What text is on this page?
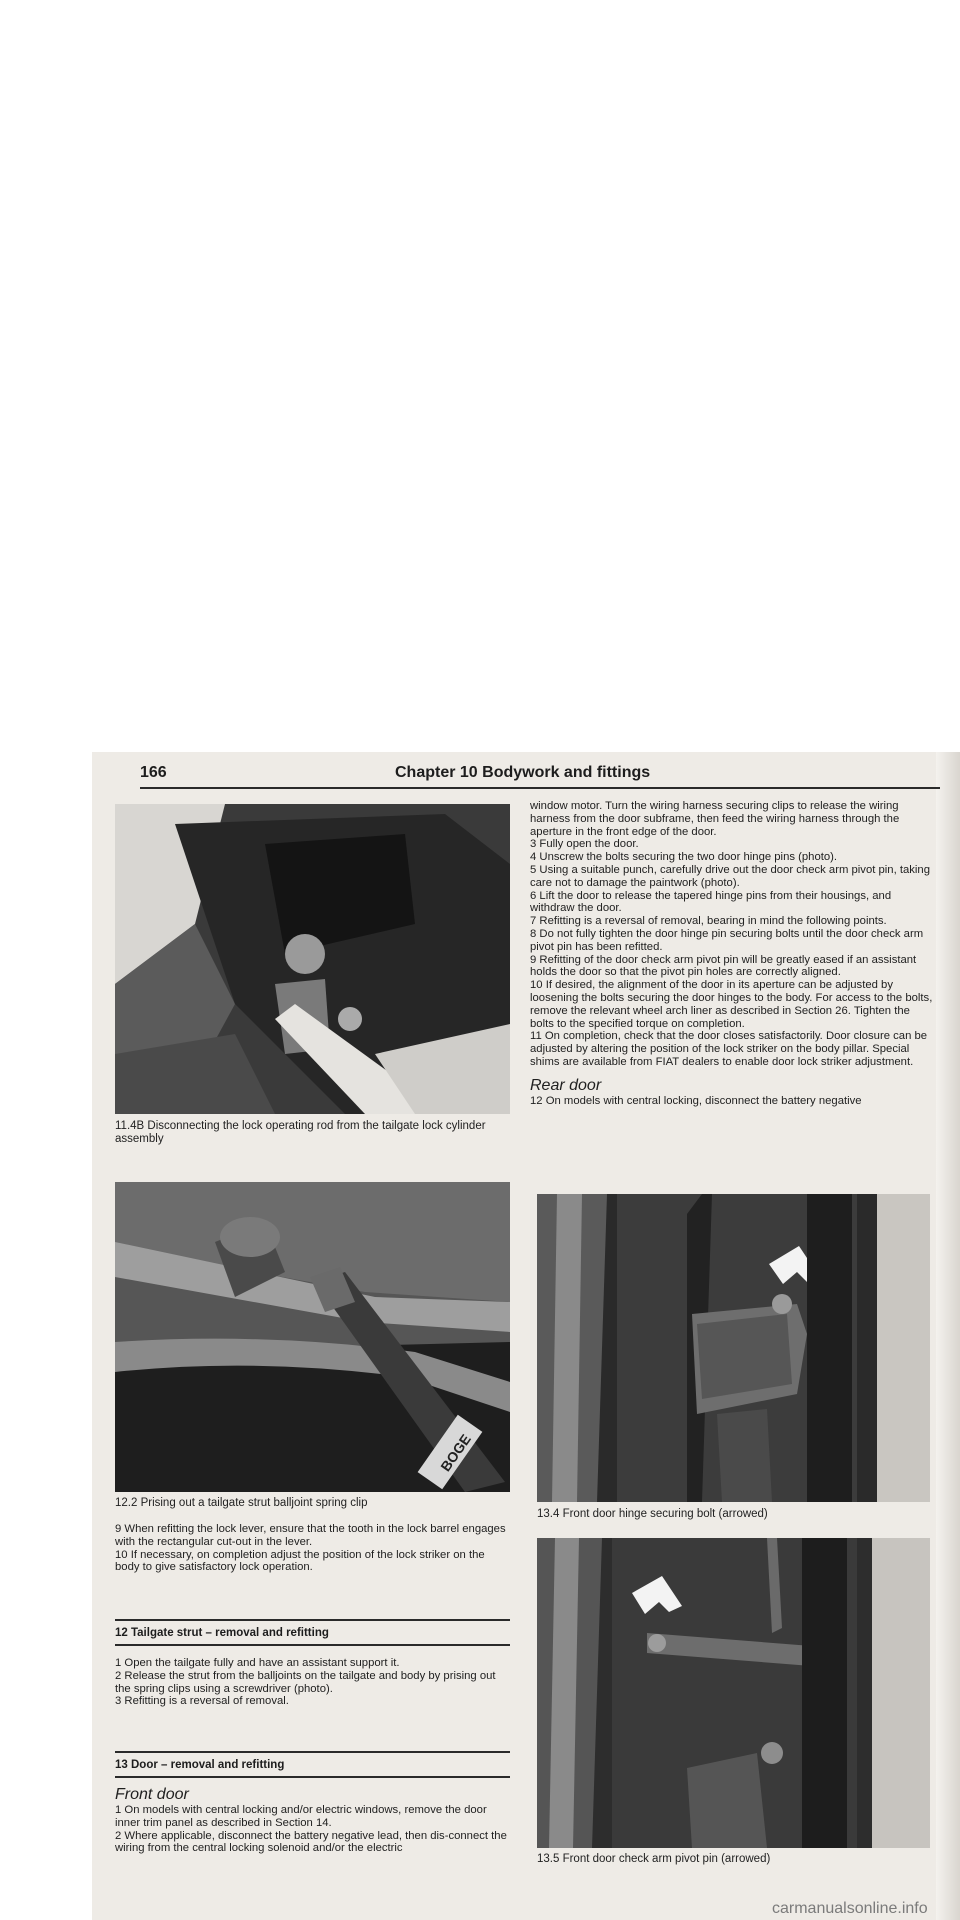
166	Chapter 10 Bodywork and fittings
11.4B Disconnecting the lock operating rod from the tailgate lock cylinder assembly
BOGE
12.2 Prising out a tailgate strut balljoint spring clip

9 When refitting the lock lever, ensure that the tooth in the lock barrel engages with the rectangular cut-out in the lever.

10 If necessary, on completion adjust the position of the lock striker on the body to give satisfactory lock operation.

12 Tailgate strut – removal and refitting

1 Open the tailgate fully and have an assistant support it.

2 Release the strut from the balljoints on the tailgate and body by prising out the spring clips using a screwdriver (photo).

3 Refitting is a reversal of removal.

13 Door – removal and refitting
Front door

1 On models with central locking and/or electric windows, remove the door inner trim panel as described in Section 14.

2 Where applicable, disconnect the battery negative lead, then dis-connect the wiring from the central locking solenoid and/or the electric

window motor. Turn the wiring harness securing clips to release the wiring harness from the door subframe, then feed the wiring harness through the aperture in the front edge of the door.

3 Fully open the door.

4 Unscrew the bolts securing the two door hinge pins (photo).

5 Using a suitable punch, carefully drive out the door check arm pivot pin, taking care not to damage the paintwork (photo).

6 Lift the door to release the tapered hinge pins from their housings, and withdraw the door.

7 Refitting is a reversal of removal, bearing in mind the following points.

8 Do not fully tighten the door hinge pin securing bolts until the door check arm pivot pin has been refitted.

9 Refitting of the door check arm pivot pin will be greatly eased if an assistant holds the door so that the pivot pin holes are correctly aligned.

10 If desired, the alignment of the door in its aperture can be adjusted by loosening the bolts securing the door hinges to the body. For access to the bolts, remove the relevant wheel arch liner as described in Section 26. Tighten the bolts to the specified torque on completion.

11 On completion, check that the door closes satisfactorily. Door closure can be adjusted by altering the position of the lock striker on the body pillar. Special shims are available from FIAT dealers to enable door lock striker adjustment.

Rear door

12 On models with central locking, disconnect the battery negative

13.4 Front door hinge securing bolt (arrowed)
13.5 Front door check arm pivot pin (arrowed)
carmanualsonline.info
